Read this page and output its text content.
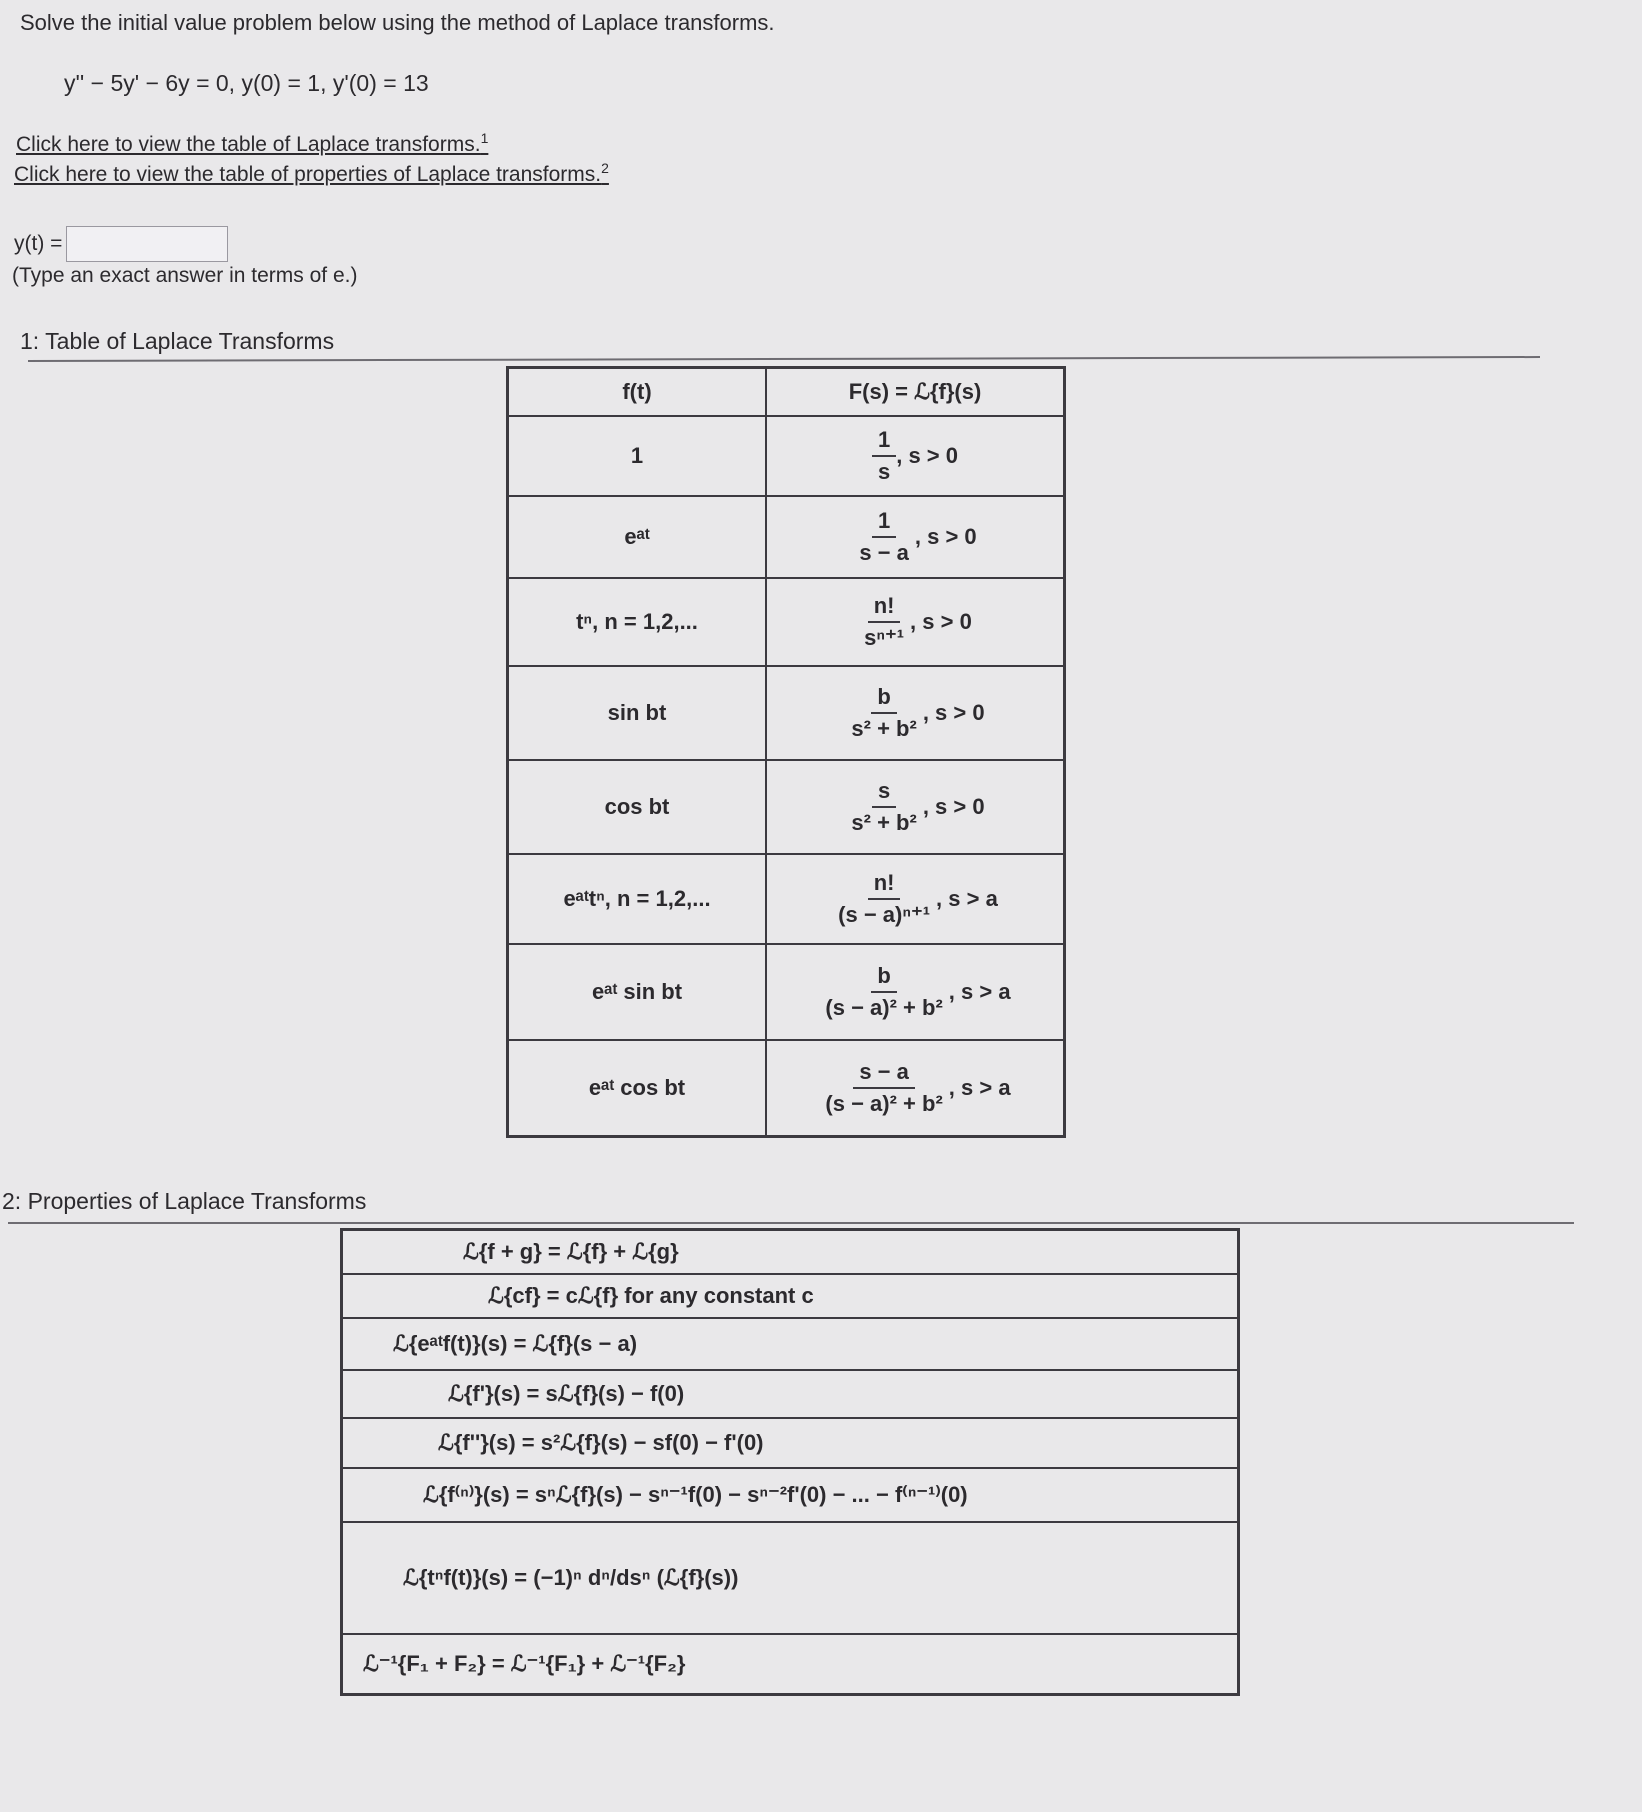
Solve the initial value problem below using the method of Laplace transforms.
y'' − 5y' − 6y = 0, y(0) = 1, y'(0) = 13
Click here to view the table of Laplace transforms.$^1$
Click here to view the table of properties of Laplace transforms.$^2$
y(t) =
(Type an exact answer in terms of e.)
1: Table of Laplace Transforms
f(t)	F(s) = ℒ{f}(s)
1	$\frac{1}{s}$ , s > 0
eᵃᵗ	$\frac{1}{s - a}$ , s > 0
tⁿ, n = 1,2,...	$\frac{n!}{\text{sⁿ⁺¹}}$ , s > 0
sin bt	$\frac{b}{\text{s² + b²}}$ , s > 0
cos bt	$\frac{s}{\text{s² + b²}}$ , s > 0
eᵃᵗtⁿ, n = 1,2,...	$\frac{n!}{\text{(s − a)ⁿ⁺¹}}$ , s > a
eᵃᵗ sin bt	$\frac{b}{\text{(s − a)² + b²}}$ , s > a
eᵃᵗ cos bt	$\frac{s - a}{\text{(s − a)² + b²}}$ , s > a
2: Properties of Laplace Transforms
ℒ{f + g} = ℒ{f} + ℒ{g}
ℒ{cf} = cℒ{f} for any constant c
ℒ{eᵃᵗf(t)}(s) = ℒ{f}(s − a)
ℒ{f'}(s) = sℒ{f}(s) − f(0)
ℒ{f''}(s) = s²ℒ{f}(s) − sf(0) − f'(0)
ℒ{f⁽ⁿ⁾}(s) = sⁿℒ{f}(s) − sⁿ⁻¹f(0) − sⁿ⁻²f'(0) − ... − f⁽ⁿ⁻¹⁾(0)
ℒ{tⁿf(t)}(s) = (−1)ⁿ dⁿ/dsⁿ (ℒ{f}(s))
ℒ⁻¹{F₁ + F₂} = ℒ⁻¹{F₁} + ℒ⁻¹{F₂}
